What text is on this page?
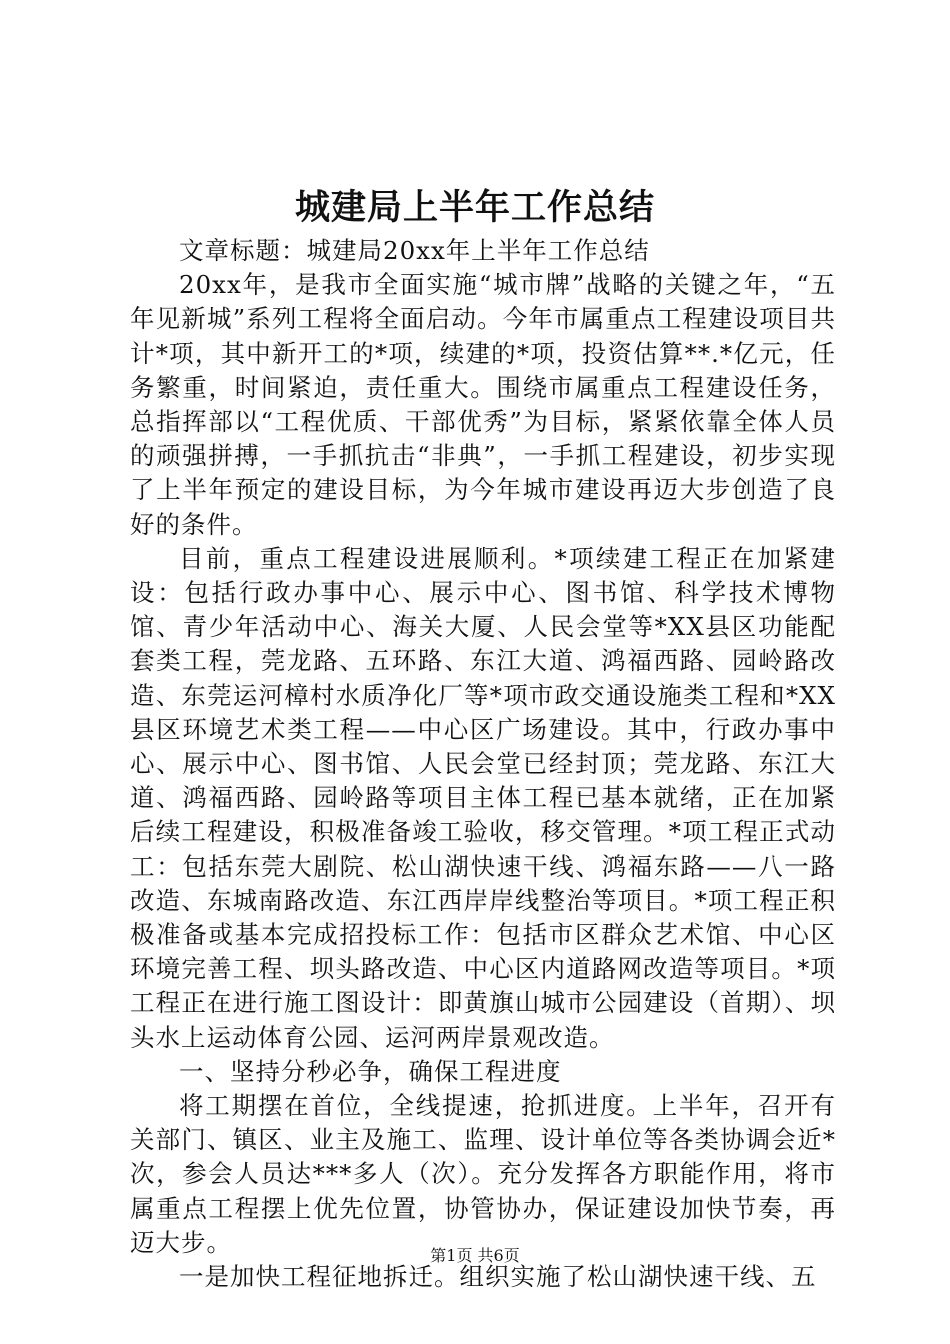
城建局上半年工作总结

文章标题：城建局20xx年上半年工作总结

20xx年，是我市全面实施“城市牌”战略的关键之年，“五年见新城”系列工程将全面启动。今年市属重点工程建设项目共计*项，其中新开工的*项，续建的*项，投资估算**.*亿元，任务繁重，时间紧迫，责任重大。围绕市属重点工程建设任务，总指挥部以“工程优质、干部优秀”为目标，紧紧依靠全体人员的顽强拼搏，一手抓抗击“非典”，一手抓工程建设，初步实现了上半年预定的建设目标，为今年城市建设再迈大步创造了良好的条件。

目前，重点工程建设进展顺利。*项续建工程正在加紧建设：包括行政办事中心、展示中心、图书馆、科学技术博物馆、青少年活动中心、海关大厦、人民会堂等*XX县区功能配套类工程，莞龙路、五环路、东江大道、鸿福西路、园岭路改造、东莞运河樟村水质净化厂等*项市政交通设施类工程和*XX县区环境艺术类工程——中心区广场建设。其中，行政办事中心、展示中心、图书馆、人民会堂已经封顶；莞龙路、东江大道、鸿福西路、园岭路等项目主体工程已基本就绪，正在加紧后续工程建设，积极准备竣工验收，移交管理。*项工程正式动工：包括东莞大剧院、松山湖快速干线、鸿福东路——八一路改造、东城南路改造、东江西岸岸线整治等项目。*项工程正积极准备或基本完成招投标工作：包括市区群众艺术馆、中心区环境完善工程、坝头路改造、中心区内道路网改造等项目。*项工程正在进行施工图设计：即黄旗山城市公园建设（首期）、坝头水上运动体育公园、运河两岸景观改造。

一、坚持分秒必争，确保工程进度

将工期摆在首位，全线提速，抢抓进度。上半年，召开有关部门、镇区、业主及施工、监理、设计单位等各类协调会近*次，参会人员达***多人（次）。充分发挥各方职能作用，将市属重点工程摆上优先位置，协管协办，保证建设加快节奏，再迈大步。

一是加快工程征地拆迁。组织实施了松山湖快速干线、五

第1页 共6页
